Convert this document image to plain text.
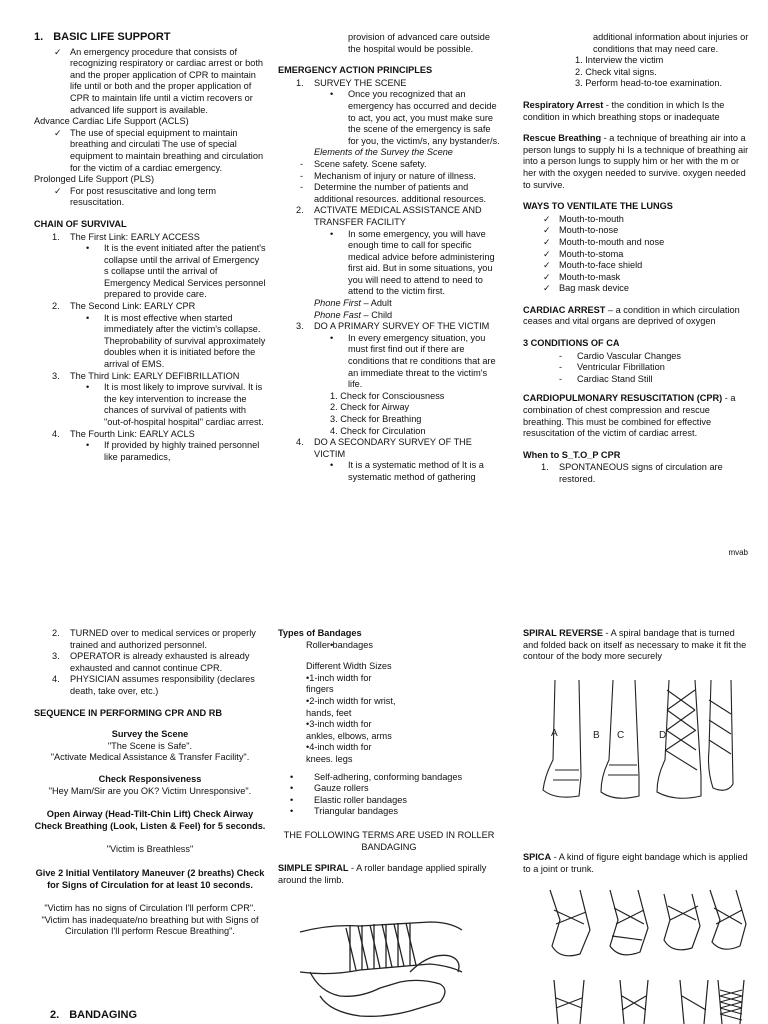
1. BASIC LIFE SUPPORT

✓ An emergency procedure that consists of recognizing respiratory or cardiac arrest or both and the proper application of CPR to maintain life until or both and the proper application of CPR to maintain life until a victim recovers or advanced life support is available.

Advance Cardiac Life Support (ACLS)

✓ The use of special equipment to maintain breathing and circulati The use of special equipment to maintain breathing and circulation for the victim of a cardiac emergency.

Prolonged Life Support (PLS)

✓ For post resuscitative and long term resuscitation.

CHAIN OF SURVIVAL

1. The First Link: EARLY ACCESS

• It is the event initiated after the patient's collapse until the arrival of Emergency s collapse until the arrival of Emergency Medical Services personnel prepared to provide care.

2. The Second Link: EARLY CPR

• It is most effective when started immediately after the victim's collapse. Theprobability of survival approximately doubles when it is initiated before the arrival of EMS.

3. The Third Link: EARLY DEFIBRILLATION

• It is most likely to improve survival. It is the key intervention to increase the chances of survival of patients with "out-of-hospital hospital" cardiac arrest.

4. The Fourth Link: EARLY ACLS

• If provided by highly trained personnel like paramedics,

provision of advanced care outside the hospital would be possible.

EMERGENCY ACTION PRINCIPLES

1. SURVEY THE SCENE

• Once you recognized that an emergency has occurred and decide to act, you act, you must make sure the scene of the emergency is safe for you, the victim/s, any bystander/s.

Elements of the Survey the Scene

- Scene safety. Scene safety.

- Mechanism of injury or nature of illness.

- Determine the number of patients and additional resources. additional resources.

2. ACTIVATE MEDICAL ASSISTANCE AND TRANSFER FACILITY

• In some emergency, you will have enough time to call for specific medical advice before administering first aid. But in some situations, you you will need to attend to need to attend to the victim first.

Phone First – Adult

Phone Fast – Child

3. DO A PRIMARY SURVEY OF THE VICTIM

• In every emergency situation, you must first find out if there are conditions that re conditions that are an immediate threat to the victim's life.

1. Check for Consciousness

2. Check for Airway

3. Check for Breathing

4. Check for Circulation

4. DO A SECONDARY SURVEY OF THE VICTIM

• It is a systematic method of It is a systematic method of gathering

additional information about injuries or conditions that may need care.

1. Interview the victim

2. Check vital signs.

3. Perform head-to-toe examination.

Respiratory Arrest - the condition in which Is the condition in which breathing stops or inadequate

Rescue Breathing - a technique of breathing air into a person lungs to supply hi Is a technique of breathing air into a person lungs to supply him or her with the m or her with the oxygen needed to survive. oxygen needed to survive.

WAYS TO VENTILATE THE LUNGS

✓ Mouth-to-mouth

✓ Mouth-to-nose

✓ Mouth-to-mouth and nose

✓ Mouth-to-stoma

✓ Mouth-to-face shield

✓ Mouth-to-mask

✓ Bag mask device

CARDIAC ARREST – a condition in which circulation ceases and vital organs are deprived of oxygen

3 CONDITIONS OF CA

- Cardio Vascular Changes

- Ventricular Fibrillation

- Cardiac Stand Still

CARDIOPULMONARY RESUSCITATION (CPR) - a combination of chest compression and rescue breathing. This must be combined for effective resuscitation of the victim of cardiac arrest.

When to S_T.O_P CPR

1. SPONTANEOUS signs of circulation are restored.

mvab

2. TURNED over to medical services or properly trained and authorized personnel.

3. OPERATOR is already exhausted is already exhausted and cannot continue CPR.

4. PHYSICIAN assumes responsibility (declares death, take over, etc.)

SEQUENCE IN PERFORMING CPR AND RB

Survey the Scene

"The Scene is Safe".

"Activate Medical Assistance & Transfer Facility".

Check Responsiveness

"Hey Mam/Sir are you OK? Victim Unresponsive".

Open Airway (Head-Tilt-Chin Lift) Check Airway Check Breathing (Look, Listen & Feel) for 5 seconds.

"Victim is Breathless"

Give 2 Initial Ventilatory Maneuver (2 breaths) Check for Signs of Circulation for at least 10 seconds.

"Victim has no signs of Circulation I'll perform CPR". "Victim has inadequate/no breathing but with Signs of Circulation I'll perform Rescue Breathing".

2. BANDAGING

Types of Bandages

• Roller bandages

Different Width Sizes

•1-inch width for fingers

•2-inch width for wrist, hands, feet

•3-inch width for ankles, elbows, arms

•4-inch width for knees. legs

• Self-adhering, conforming bandages

• Gauze rollers

• Elastic roller bandages

• Triangular bandages

THE FOLLOWING TERMS ARE USED IN ROLLER BANDAGING

SIMPLE SPIRAL - A roller bandage applied spirally around the limb.

SPIRAL REVERSE - A spiral bandage that is turned and folded back on itself as necessary to make it fit the contour of the body more securely

A	B C	D

SPICA - A kind of figure eight bandage which is applied to a joint or trunk.
